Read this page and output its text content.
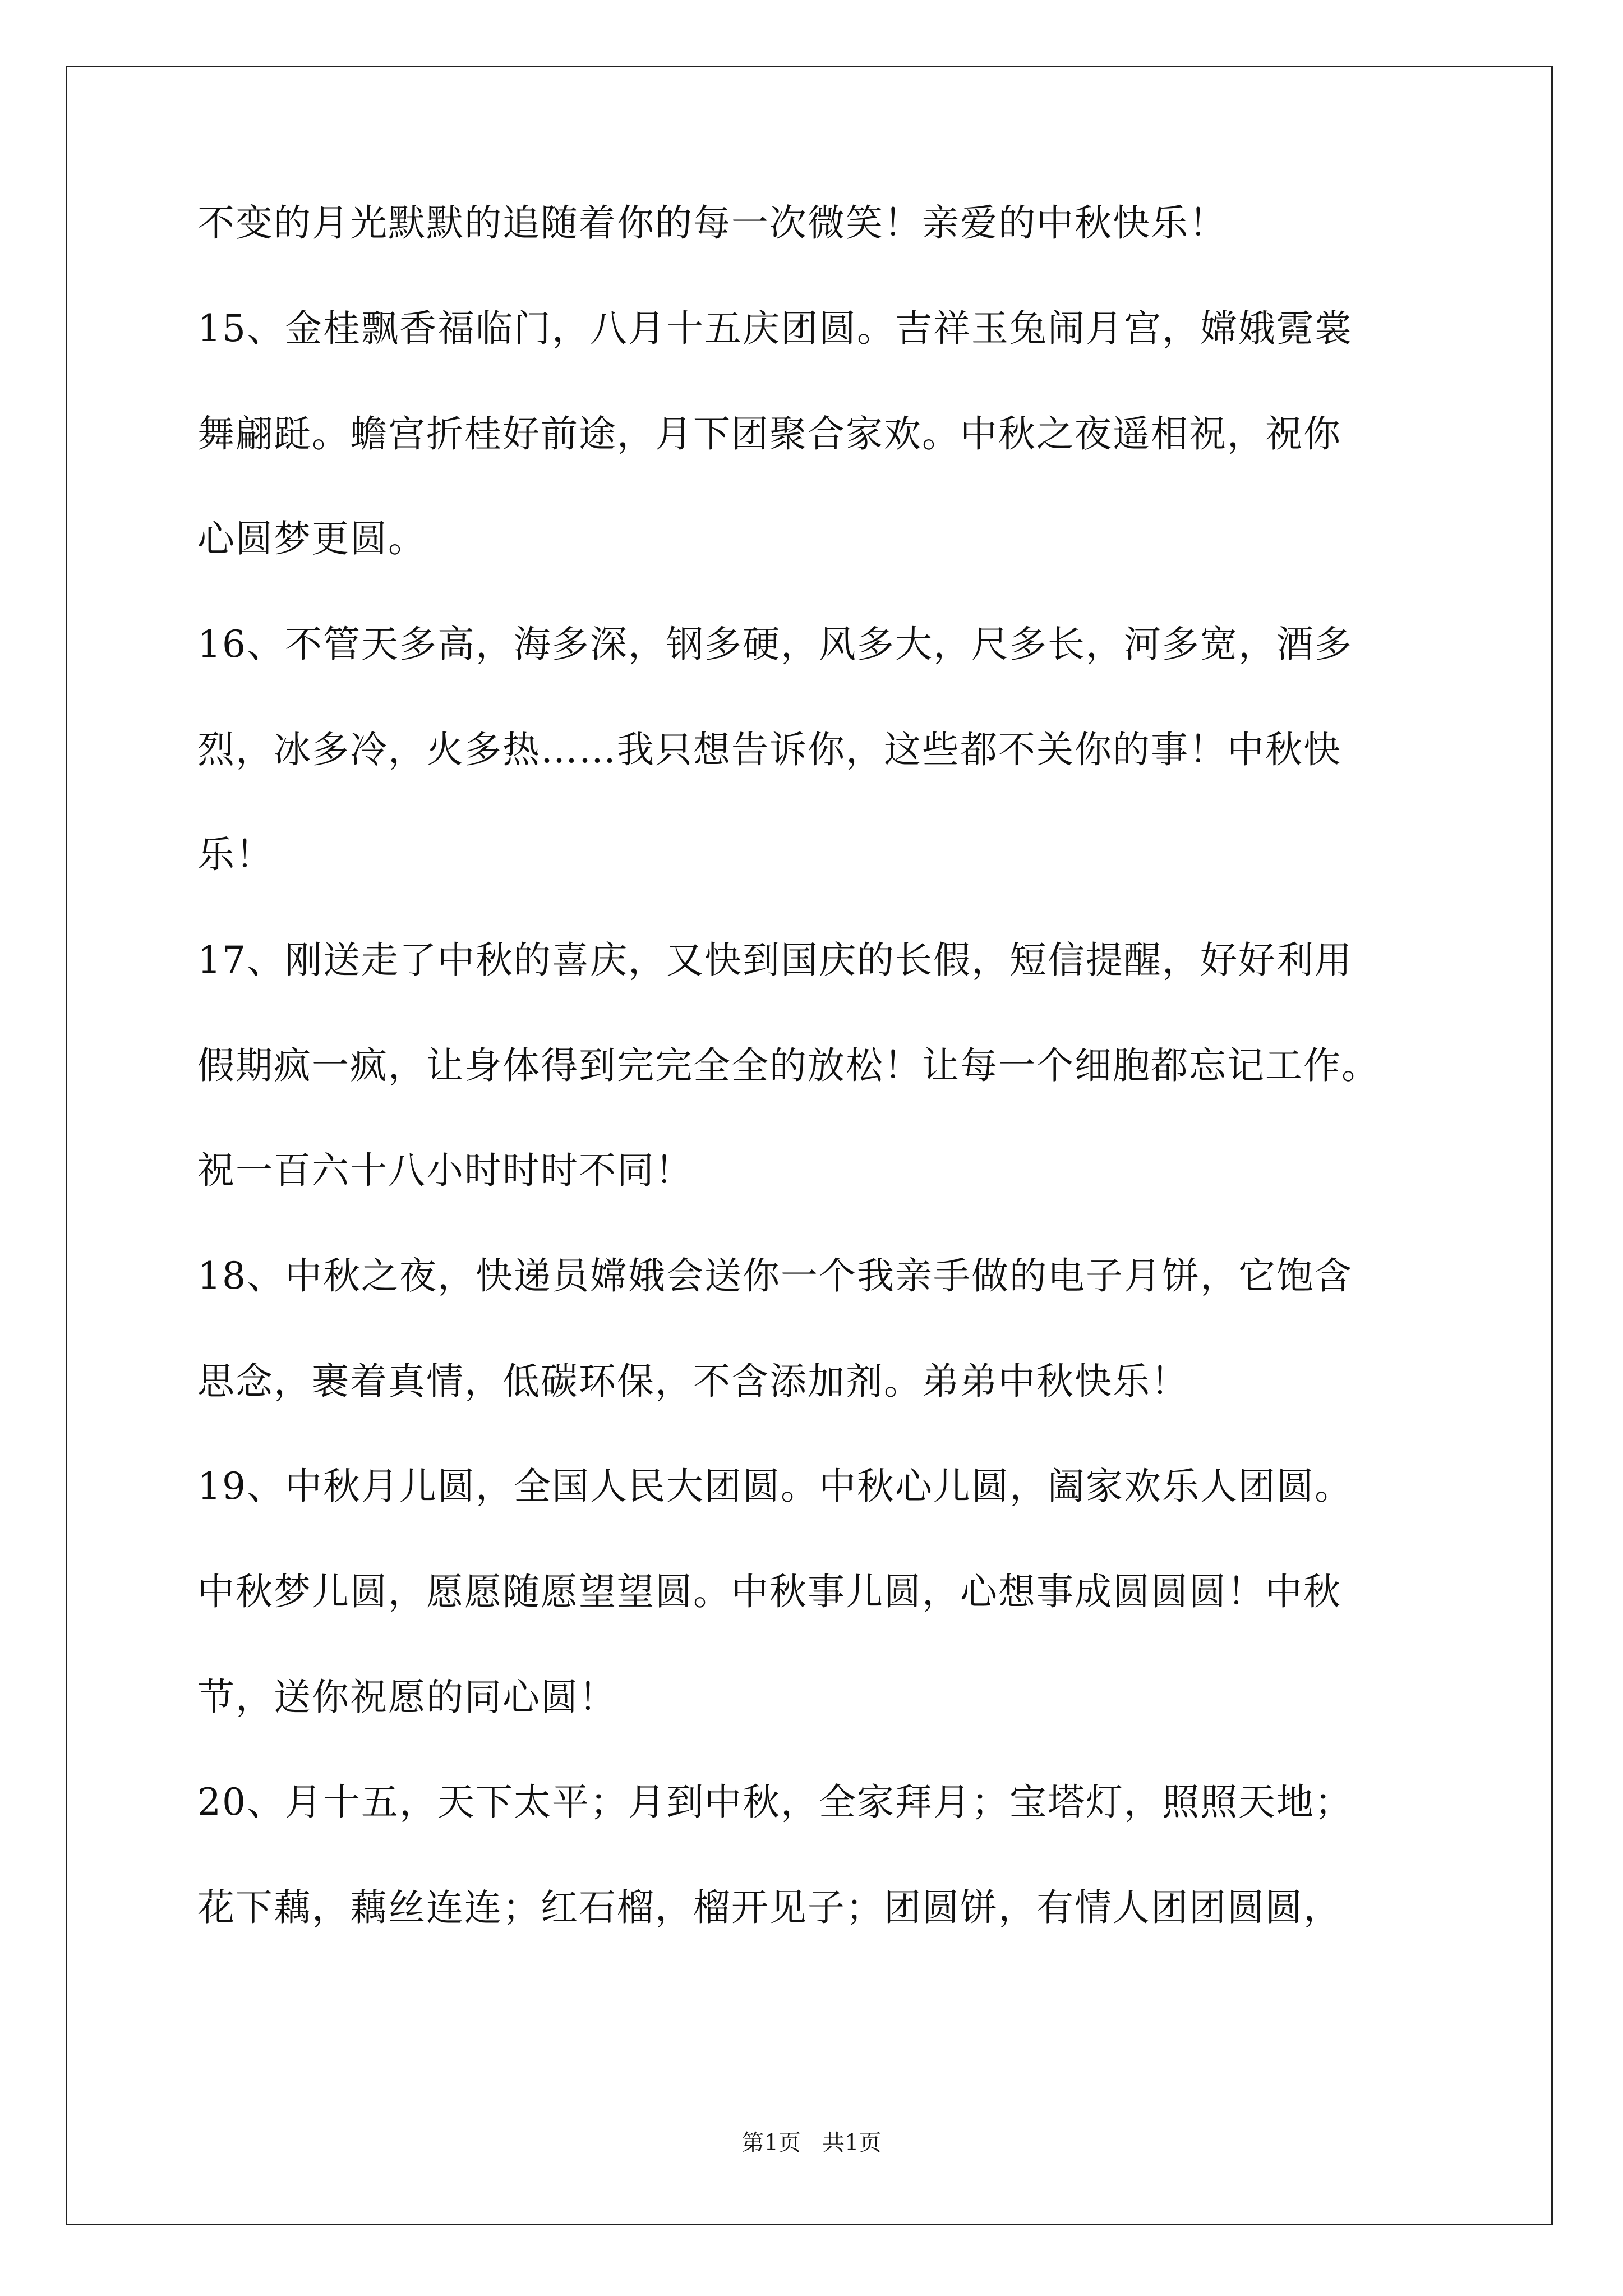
不变的月光默默的追随着你的每一次微笑！亲爱的中秋快乐！
15、金桂飘香福临门，八月十五庆团圆。吉祥玉兔闹月宫，嫦娥霓裳
舞翩跹。蟾宫折桂好前途，月下团聚合家欢。中秋之夜遥相祝，祝你
心圆梦更圆。
16、不管天多高，海多深，钢多硬，风多大，尺多长，河多宽，酒多
烈，冰多冷，火多热……我只想告诉你，这些都不关你的事！中秋快
乐！
17、刚送走了中秋的喜庆，又快到国庆的长假，短信提醒，好好利用
假期疯一疯，让身体得到完完全全的放松！让每一个细胞都忘记工作。
祝一百六十八小时时时不同！
18、中秋之夜，快递员嫦娥会送你一个我亲手做的电子月饼，它饱含
思念，裹着真情，低碳环保，不含添加剂。弟弟中秋快乐！
19、中秋月儿圆，全国人民大团圆。中秋心儿圆，阖家欢乐人团圆。
中秋梦儿圆，愿愿随愿望望圆。中秋事儿圆，心想事成圆圆圆！中秋
节，送你祝愿的同心圆！
20、月十五，天下太平；月到中秋，全家拜月；宝塔灯，照照天地；
花下藕，藕丝连连；红石榴，榴开见子；团圆饼，有情人团团圆圆，
第1页   共1页
